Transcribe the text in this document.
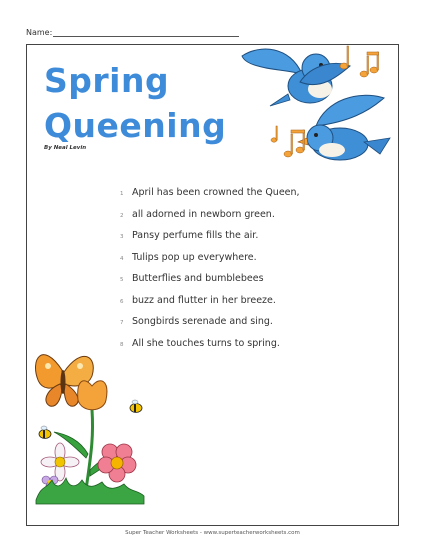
Name:
Spring
Queening
By Neal Levin
1 April has been crowned the Queen,
2 all adorned in newborn green.
3 Pansy perfume fills the air.
4 Tulips pop up everywhere.
5 Butterflies and bumblebees
6 buzz and flutter in her breeze.
7 Songbirds serenade and sing.
8 All she touches turns to spring.
Super Teacher Worksheets - www.superteacherworksheets.com
